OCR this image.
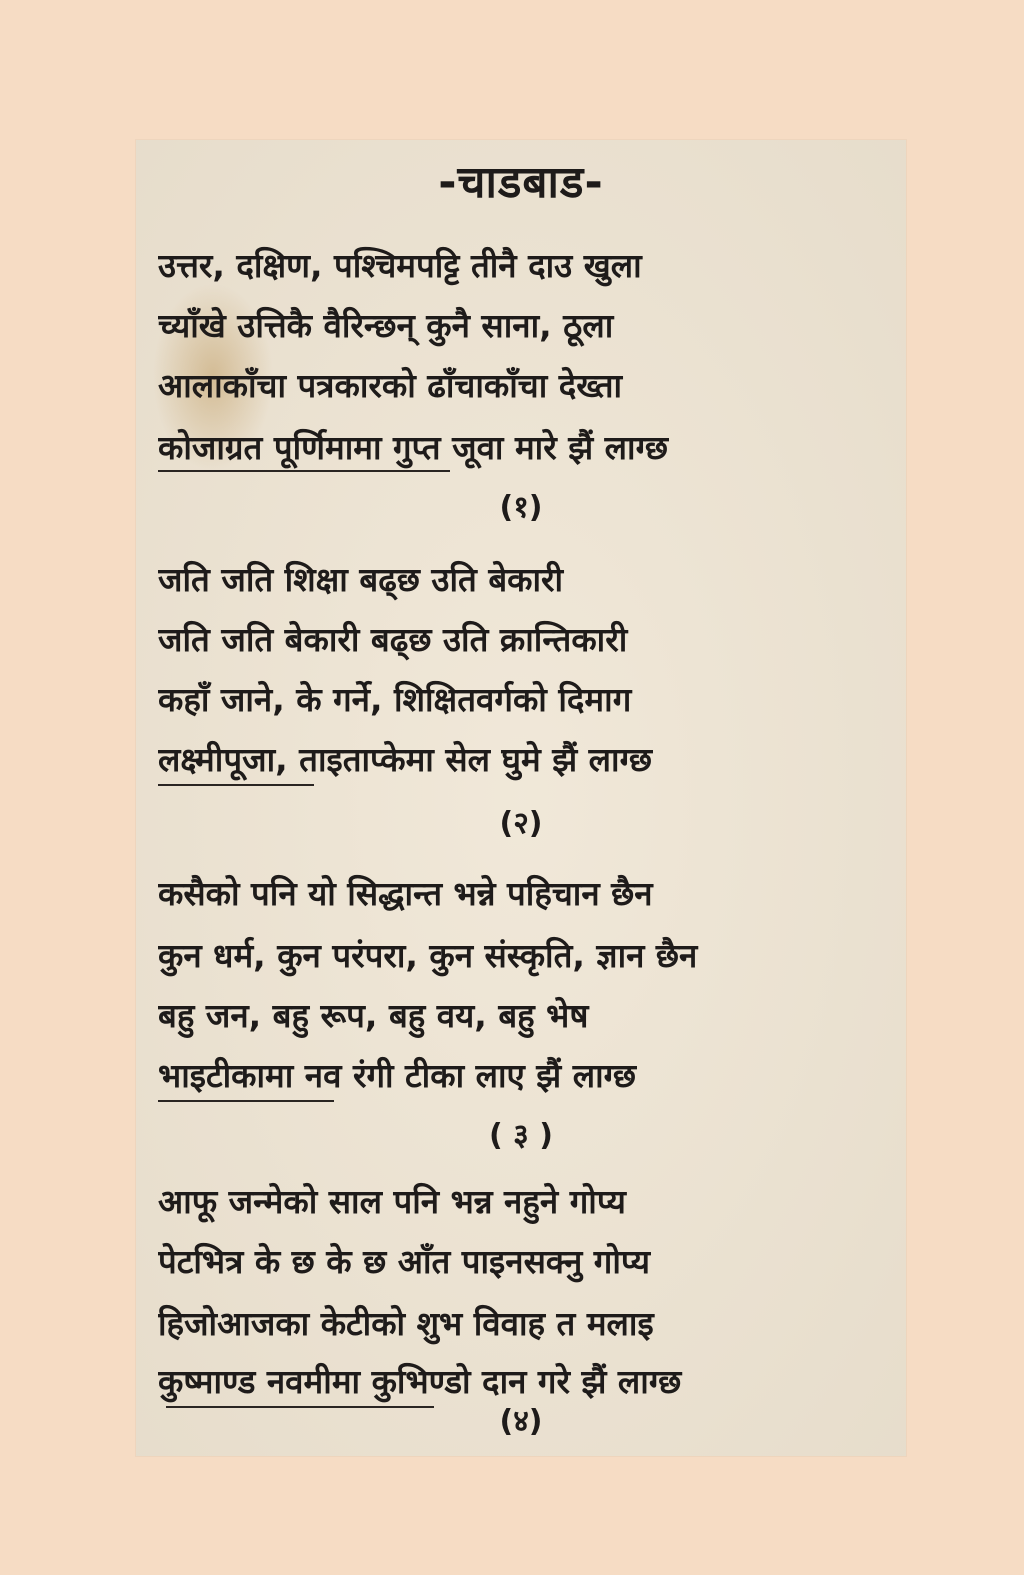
-चाडबाड-
उत्तर, दक्षिण, पश्चिमपट्टि तीनै दाउ खुला
च्याँखे उत्तिकै वैरिन्छन् कुनै साना, ठूला
आलाकाँचा पत्रकारको ढाँचाकाँचा देख्ता
कोजाग्रत पूर्णिमामा गुप्त जूवा मारे झैं लाग्छ
(१)
जति जति शिक्षा बढ्छ उति बेकारी
जति जति बेकारी बढ्छ उति क्रान्तिकारी
कहाँ जाने, के गर्ने, शिक्षितवर्गको दिमाग
लक्ष्मीपूजा, ताइताप्केमा सेल घुमे झैं लाग्छ
(२)
कसैको पनि यो सिद्धान्त भन्ने पहिचान छैन
कुन धर्म, कुन परंपरा, कुन संस्कृति, ज्ञान छैन
बहु जन, बहु रूप, बहु वय, बहु भेष
भाइटीकामा नव रंगी टीका लाए झैं लाग्छ
( ३ )
आफू जन्मेको साल पनि भन्न नहुने गोप्य
पेटभित्र के छ के छ आँत पाइनसक्नु गोप्य
हिजोआजका केटीको शुभ विवाह त मलाइ
कुष्माण्ड नवमीमा कुभिण्डो दान गरे झैं लाग्छ
(४)
